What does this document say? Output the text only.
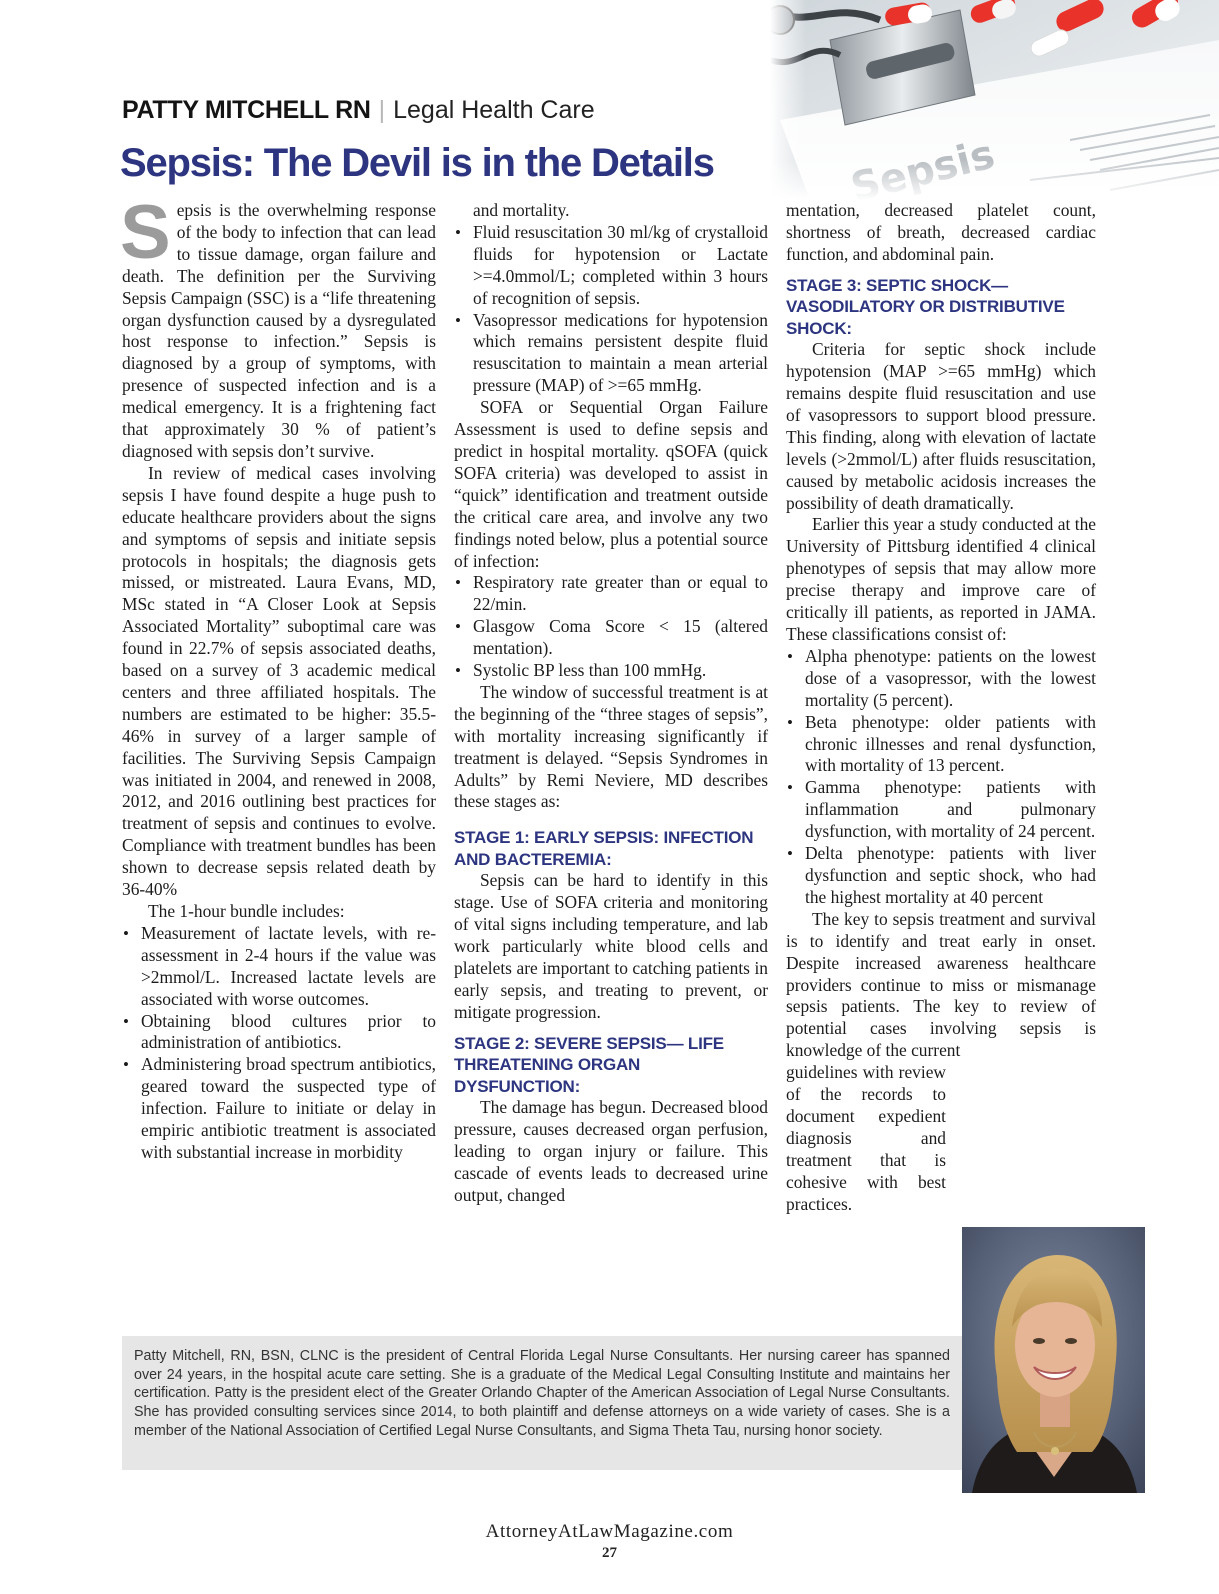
PATTY MITCHELL RN | Legal Health Care
Sepsis: The Devil is in the Details

Sepsis is the overwhelming response of the body to infection that can lead to tissue damage, organ failure and death. The definition per the Surviving Sepsis Campaign (SSC) is a “life threatening organ dysfunction caused by a dysregulated host response to infection.” Sepsis is diagnosed by a group of symptoms, with presence of suspected infection and is a medical emergency. It is a frightening fact that approximately 30 % of patient’s diagnosed with sepsis don’t survive.

In review of medical cases involving sepsis I have found despite a huge push to educate healthcare providers about the signs and symptoms of sepsis and initiate sepsis protocols in hospitals; the diagnosis gets missed, or mistreated. Laura Evans, MD, MSc stated in “A Closer Look at Sepsis Associated Mortality” suboptimal care was found in 22.7% of sepsis associated deaths, based on a survey of 3 academic medical centers and three affiliated hospitals. The numbers are estimated to be higher: 35.5-46% in survey of a larger sample of facilities. The Surviving Sepsis Campaign was initiated in 2004, and renewed in 2008, 2012, and 2016 outlining best practices for treatment of sepsis and continues to evolve. Compliance with treatment bundles has been shown to decrease sepsis related death by 36-40%

The 1-hour bundle includes:

• Measurement of lactate levels, with re-assessment in 2-4 hours if the value was >2mmol/L. Increased lactate levels are associated with worse outcomes.
• Obtaining blood cultures prior to administration of antibiotics.
• Administering broad spectrum antibiotics, geared toward the suspected type of infection. Failure to initiate or delay in empiric antibiotic treatment is associated with substantial increase in morbidity

and mortality.

• Fluid resuscitation 30 ml/kg of crystalloid fluids for hypotension or Lactate >=4.0mmol/L; completed within 3 hours of recognition of sepsis.
• Vasopressor medications for hypotension which remains persistent despite fluid resuscitation to maintain a mean arterial pressure (MAP) of >=65 mmHg.

SOFA or Sequential Organ Failure Assessment is used to define sepsis and predict in hospital mortality. qSOFA (quick SOFA criteria) was developed to assist in “quick” identification and treatment outside the critical care area, and involve any two findings noted below, plus a potential source of infection:

• Respiratory rate greater than or equal to 22/min.
• Glasgow Coma Score < 15 (altered mentation).
• Systolic BP less than 100 mmHg.

The window of successful treatment is at the beginning of the “three stages of sepsis”, with mortality increasing significantly if treatment is delayed. “Sepsis Syndromes in Adults” by Remi Neviere, MD describes these stages as:

STAGE 1: EARLY SEPSIS: INFECTION AND BACTEREMIA:

Sepsis can be hard to identify in this stage. Use of SOFA criteria and monitoring of vital signs including temperature, and lab work particularly white blood cells and platelets are important to catching patients in early sepsis, and treating to prevent, or mitigate progression.

STAGE 2: SEVERE SEPSIS— LIFE THREATENING ORGAN DYSFUNCTION:

The damage has begun. Decreased blood pressure, causes decreased organ perfusion, leading to organ injury or failure. This cascade of events leads to decreased urine output, changed

mentation, decreased platelet count, shortness of breath, decreased cardiac function, and abdominal pain.

STAGE 3: SEPTIC SHOCK— VASODILATORY OR DISTRIBUTIVE SHOCK:

Criteria for septic shock include hypotension (MAP >=65 mmHg) which remains despite fluid resuscitation and use of vasopressors to support blood pressure. This finding, along with elevation of lactate levels (>2mmol/L) after fluids resuscitation, caused by metabolic acidosis increases the possibility of death dramatically.

Earlier this year a study conducted at the University of Pittsburg identified 4 clinical phenotypes of sepsis that may allow more precise therapy and improve care of critically ill patients, as reported in JAMA. These classifications consist of:

• Alpha phenotype: patients on the lowest dose of a vasopressor, with the lowest mortality (5 percent).
• Beta phenotype: older patients with chronic illnesses and renal dysfunction, with mortality of 13 percent.
• Gamma phenotype: patients with inflammation and pulmonary dysfunction, with mortality of 24 percent.
• Delta phenotype: patients with liver dysfunction and septic shock, who had the highest mortality at 40 percent

The key to sepsis treatment and survival is to identify and treat early in onset. Despite increased awareness healthcare providers continue to miss or mismanage sepsis patients. The key to review of potential cases involving sepsis is knowledge of the current

guidelines with review of the records to document expedient diagnosis and treatment that is cohesive with best practices.

Patty Mitchell, RN, BSN, CLNC is the president of Central Florida Legal Nurse Consultants. Her nursing career has spanned over 24 years, in the hospital acute care setting. She is a graduate of the Medical Legal Consulting Institute and maintains her certification. Patty is the president elect of the Greater Orlando Chapter of the American Association of Legal Nurse Consultants. She has provided consulting services since 2014, to both plaintiff and defense attorneys on a wide variety of cases. She is a member of the National Association of Certified Legal Nurse Consultants, and Sigma Theta Tau, nursing honor society.
AttorneyAtLawMagazine.com
27
